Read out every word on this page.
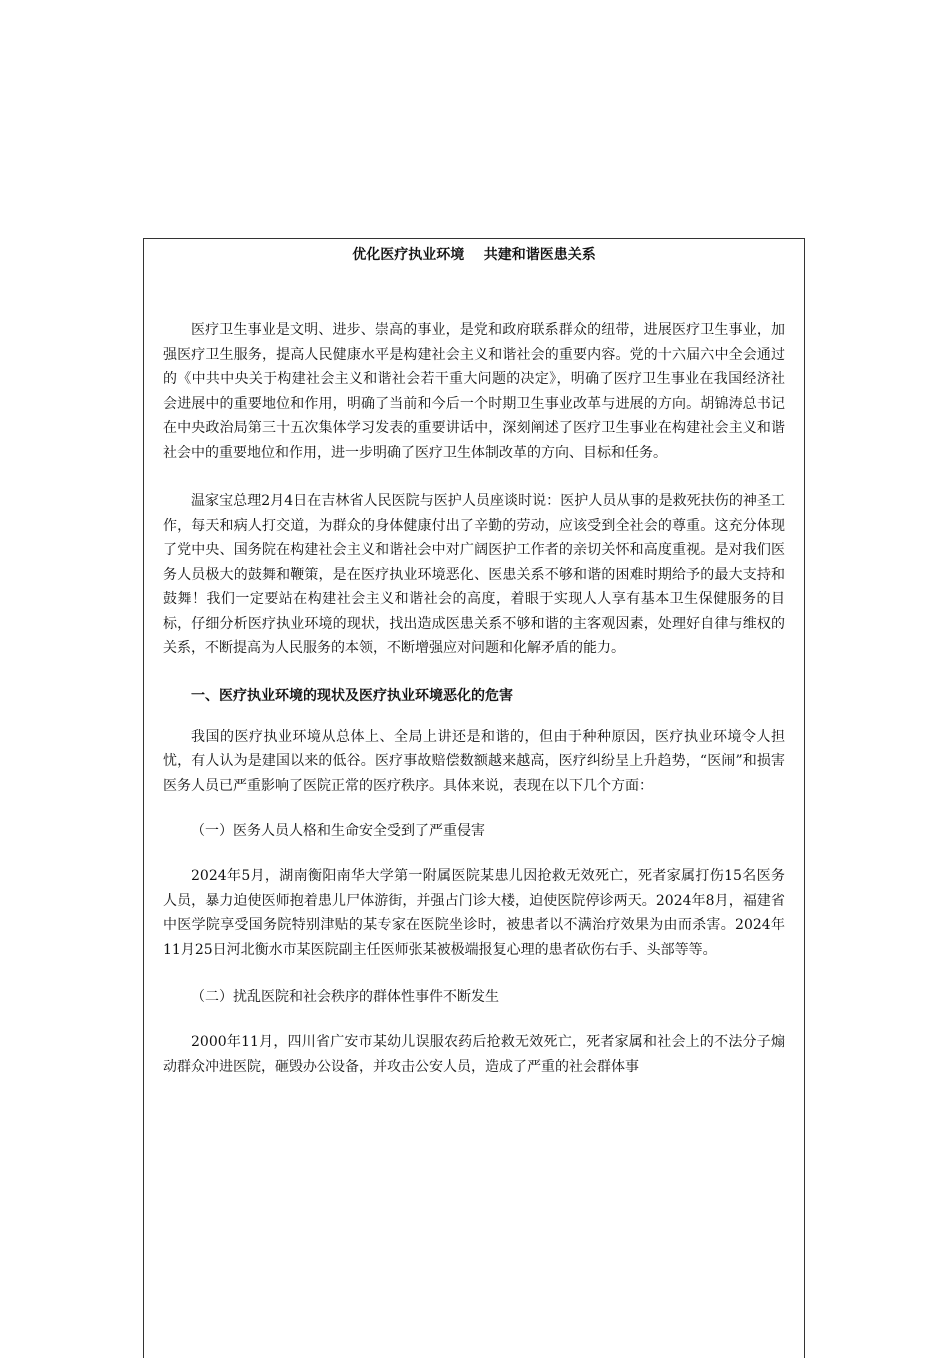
优化医疗执业环境    共建和谐医患关系

医疗卫生事业是文明、进步、崇高的事业，是党和政府联系群众的纽带，进展医疗卫生事业，加强医疗卫生服务，提高人民健康水平是构建社会主义和谐社会的重要内容。党的十六届六中全会通过的《中共中央关于构建社会主义和谐社会若干重大问题的决定》，明确了医疗卫生事业在我国经济社会进展中的重要地位和作用，明确了当前和今后一个时期卫生事业改革与进展的方向。胡锦涛总书记在中央政治局第三十五次集体学习发表的重要讲话中，深刻阐述了医疗卫生事业在构建社会主义和谐社会中的重要地位和作用，进一步明确了医疗卫生体制改革的方向、目标和任务。

温家宝总理2月4日在吉林省人民医院与医护人员座谈时说：医护人员从事的是救死扶伤的神圣工作，每天和病人打交道，为群众的身体健康付出了辛勤的劳动，应该受到全社会的尊重。这充分体现了党中央、国务院在构建社会主义和谐社会中对广阔医护工作者的亲切关怀和高度重视。是对我们医务人员极大的鼓舞和鞭策，是在医疗执业环境恶化、医患关系不够和谐的困难时期给予的最大支持和鼓舞！我们一定要站在构建社会主义和谐社会的高度，着眼于实现人人享有基本卫生保健服务的目标，仔细分析医疗执业环境的现状，找出造成医患关系不够和谐的主客观因素，处理好自律与维权的关系，不断提高为人民服务的本领，不断增强应对问题和化解矛盾的能力。

一、医疗执业环境的现状及医疗执业环境恶化的危害

我国的医疗执业环境从总体上、全局上讲还是和谐的，但由于种种原因，医疗执业环境令人担忧，有人认为是建国以来的低谷。医疗事故赔偿数额越来越高，医疗纠纷呈上升趋势，“医闹”和损害医务人员已严重影响了医院正常的医疗秩序。具体来说，表现在以下几个方面：

（一）医务人员人格和生命安全受到了严重侵害

2024年5月，湖南衡阳南华大学第一附属医院某患儿因抢救无效死亡，死者家属打伤15名医务人员，暴力迫使医师抱着患儿尸体游街，并强占门诊大楼，迫使医院停诊两天。2024年8月，福建省中医学院享受国务院特别津贴的某专家在医院坐诊时，被患者以不满治疗效果为由而杀害。2024年11月25日河北衡水市某医院副主任医师张某被极端报复心理的患者砍伤右手、头部等等。

（二）扰乱医院和社会秩序的群体性事件不断发生

2000年11月，四川省广安市某幼儿误服农药后抢救无效死亡，死者家属和社会上的不法分子煽动群众冲进医院，砸毁办公设备，并攻击公安人员，造成了严重的社会群体事
